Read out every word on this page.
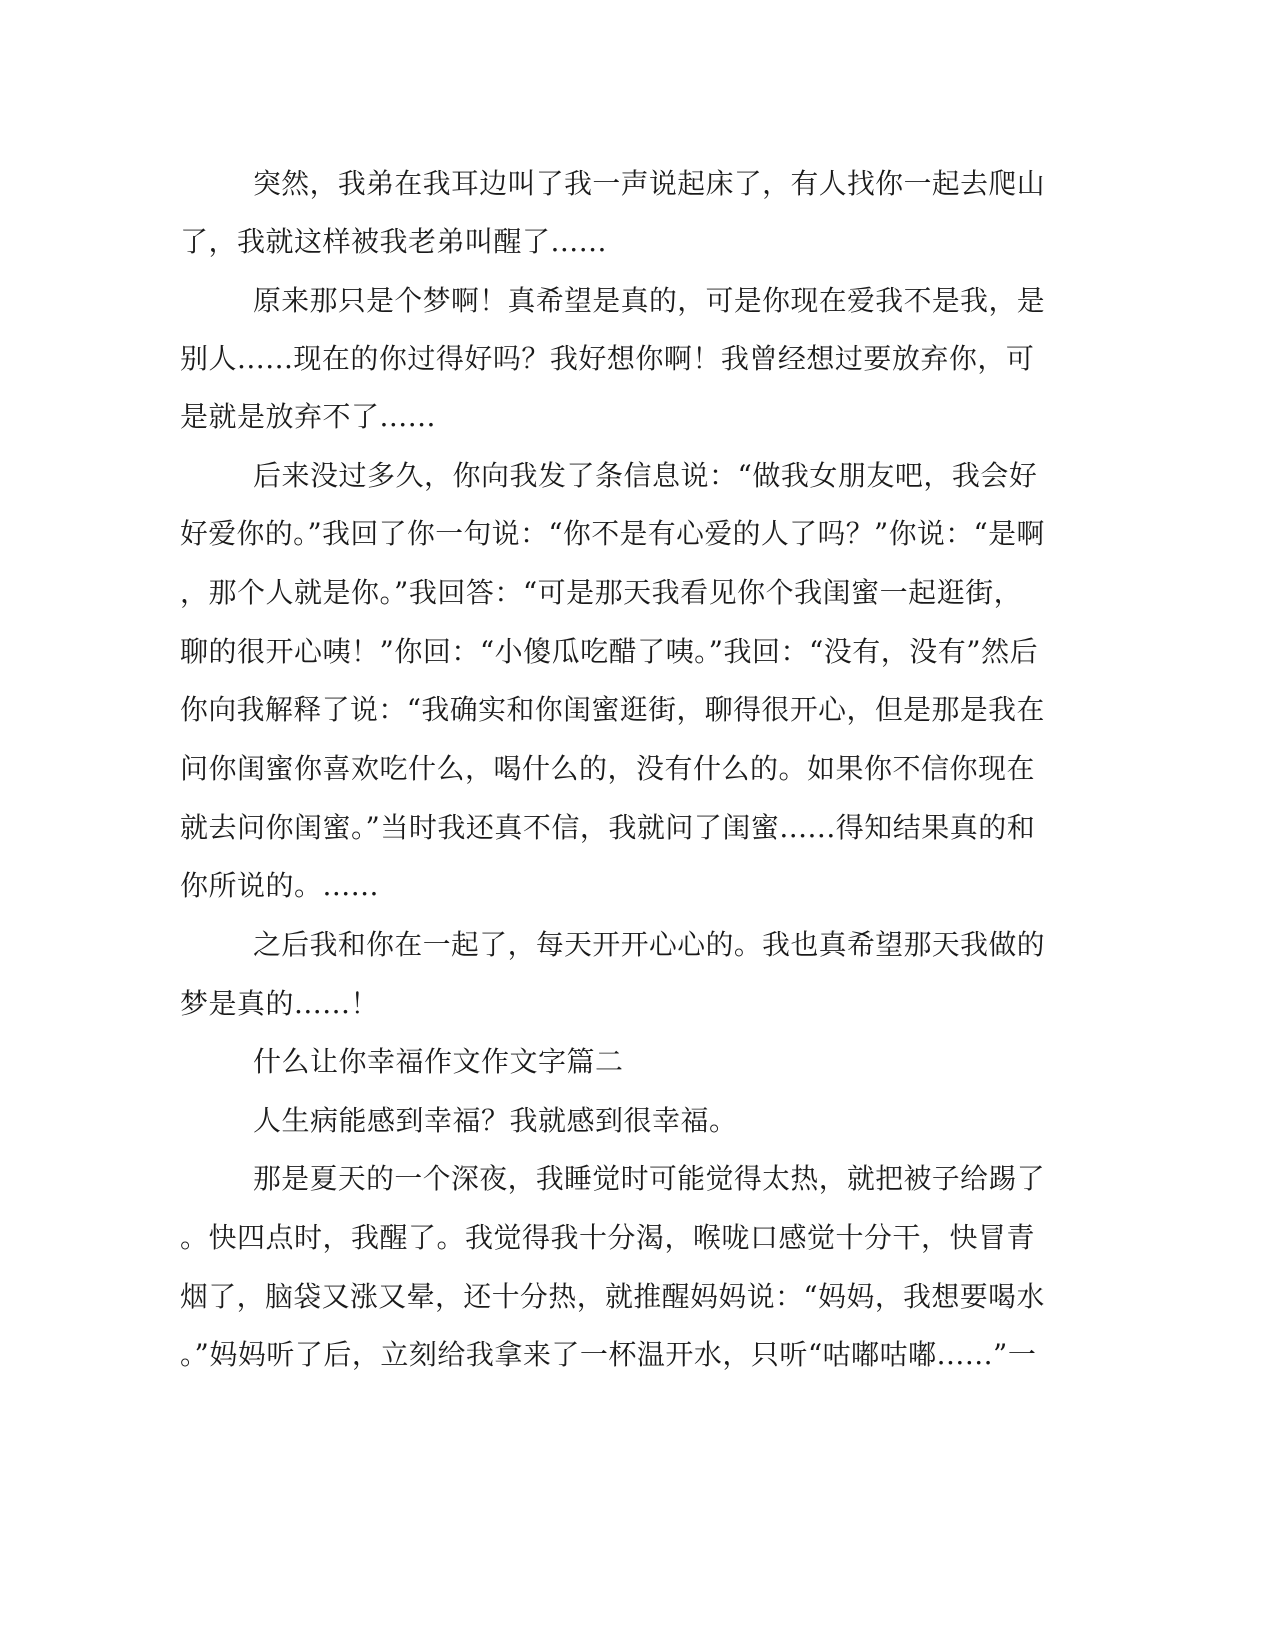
突然，我弟在我耳边叫了我一声说起床了，有人找你一起去爬山
了，我就这样被我老弟叫醒了......
原来那只是个梦啊！真希望是真的，可是你现在爱我不是我，是
别人......现在的你过得好吗？我好想你啊！我曾经想过要放弃你，可
是就是放弃不了......
后来没过多久，你向我发了条信息说：“做我女朋友吧，我会好
好爱你的。”我回了你一句说：“你不是有心爱的人了吗？”你说：“是啊
，那个人就是你。”我回答：“可是那天我看见你个我闺蜜一起逛街，
聊的很开心咦！”你回：“小傻瓜吃醋了咦。”我回：“没有，没有”然后
你向我解释了说：“我确实和你闺蜜逛街，聊得很开心，但是那是我在
问你闺蜜你喜欢吃什么，喝什么的，没有什么的。如果你不信你现在
就去问你闺蜜。”当时我还真不信，我就问了闺蜜......得知结果真的和
你所说的。......
之后我和你在一起了，每天开开心心的。我也真希望那天我做的
梦是真的......！
什么让你幸福作文作文字篇二
人生病能感到幸福？我就感到很幸福。
那是夏天的一个深夜，我睡觉时可能觉得太热，就把被子给踢了
。快四点时，我醒了。我觉得我十分渴，喉咙口感觉十分干，快冒青
烟了，脑袋又涨又晕，还十分热，就推醒妈妈说：“妈妈，我想要喝水
。”妈妈听了后，立刻给我拿来了一杯温开水，只听“咕嘟咕嘟......”一
